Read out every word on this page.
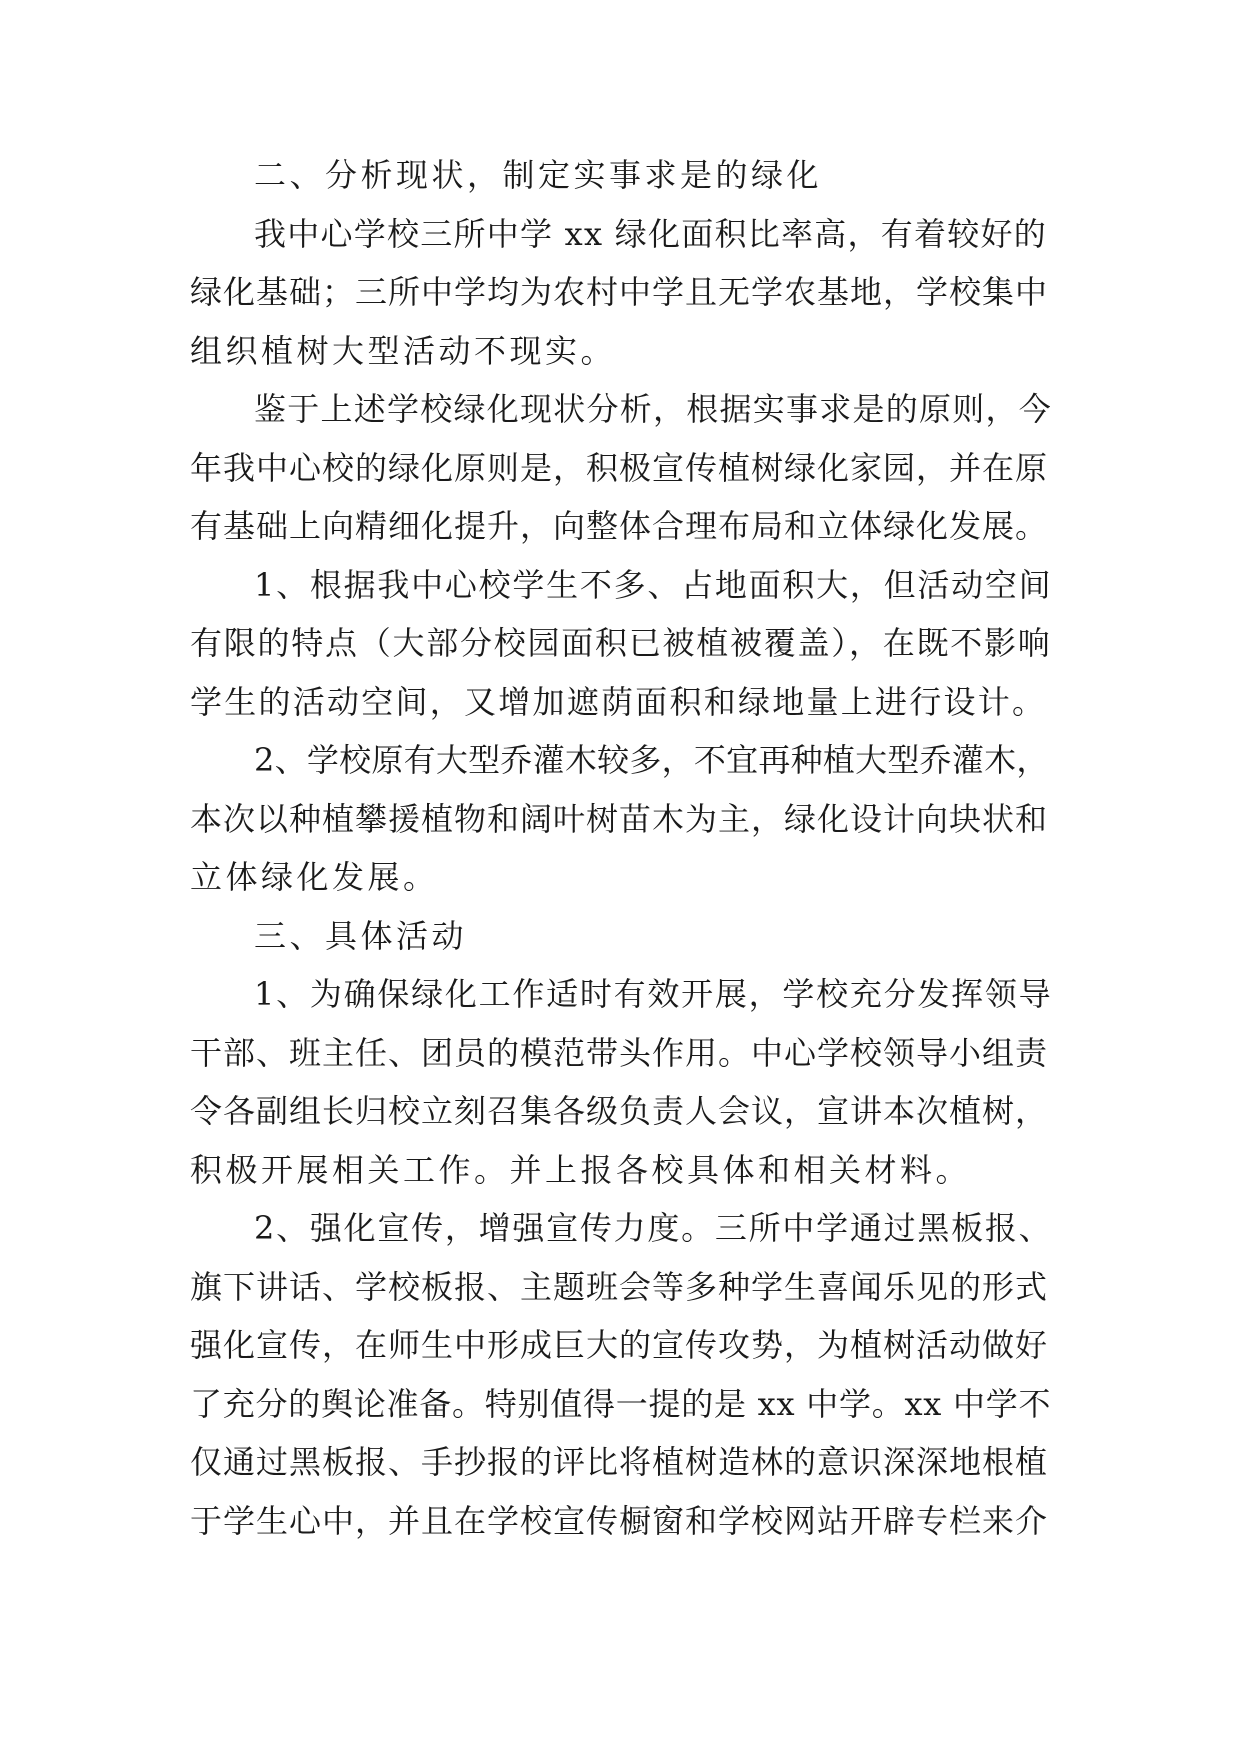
二、分析现状，制定实事求是的绿化
我中心学校三所中学 xx 绿化面积比率高，有着较好的
绿化基础；三所中学均为农村中学且无学农基地，学校集中
组织植树大型活动不现实。
鉴于上述学校绿化现状分析，根据实事求是的原则，今
年我中心校的绿化原则是，积极宣传植树绿化家园，并在原
有基础上向精细化提升，向整体合理布局和立体绿化发展。
1、根据我中心校学生不多、占地面积大，但活动空间
有限的特点（大部分校园面积已被植被覆盖），在既不影响
学生的活动空间，又增加遮荫面积和绿地量上进行设计。
2、学校原有大型乔灌木较多，不宜再种植大型乔灌木，
本次以种植攀援植物和阔叶树苗木为主，绿化设计向块状和
立体绿化发展。
三、具体活动
1、为确保绿化工作适时有效开展，学校充分发挥领导
干部、班主任、团员的模范带头作用。中心学校领导小组责
令各副组长归校立刻召集各级负责人会议，宣讲本次植树，
积极开展相关工作。并上报各校具体和相关材料。
2、强化宣传，增强宣传力度。三所中学通过黑板报、
旗下讲话、学校板报、主题班会等多种学生喜闻乐见的形式
强化宣传，在师生中形成巨大的宣传攻势，为植树活动做好
了充分的舆论准备。特别值得一提的是 xx 中学。xx 中学不
仅通过黑板报、手抄报的评比将植树造林的意识深深地根植
于学生心中，并且在学校宣传橱窗和学校网站开辟专栏来介
